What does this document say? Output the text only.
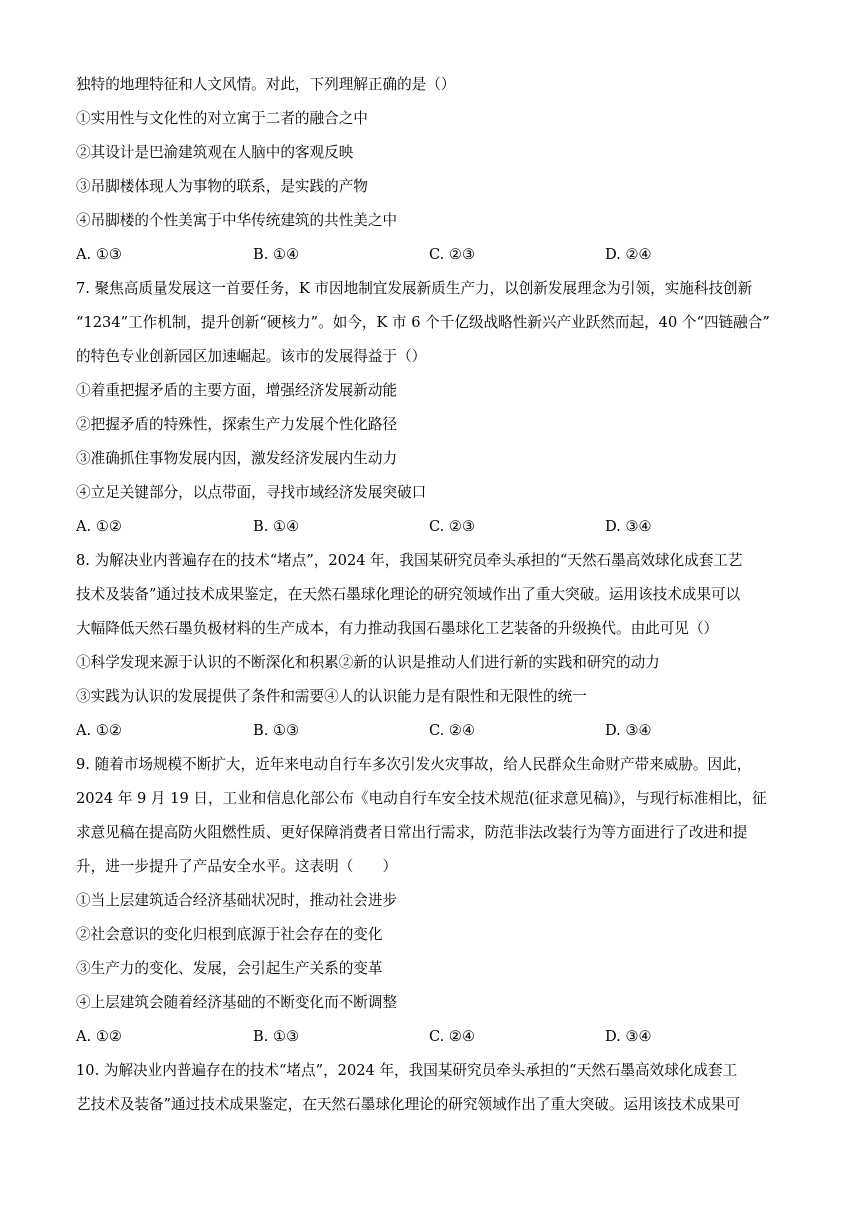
独特的地理特征和人文风情。对此，下列理解正确的是（）
①实用性与文化性的对立寓于二者的融合之中
②其设计是巴渝建筑观在人脑中的客观反映
③吊脚楼体现人为事物的联系，是实践的产物
④吊脚楼的个性美寓于中华传统建筑的共性美之中
A. ①③	B. ①④	C. ②③	D. ②④
7. 聚焦高质量发展这一首要任务，K 市因地制宜发展新质生产力，以创新发展理念为引领，实施科技创新
“1234”工作机制，提升创新“硬核力”。如今，K 市 6 个千亿级战略性新兴产业跃然而起，40 个“四链融合”
的特色专业创新园区加速崛起。该市的发展得益于（）
①着重把握矛盾的主要方面，增强经济发展新动能
②把握矛盾的特殊性，探索生产力发展个性化路径
③准确抓住事物发展内因，激发经济发展内生动力
④立足关键部分，以点带面，寻找市域经济发展突破口
A. ①②	B. ①④	C. ②③	D. ③④
8. 为解决业内普遍存在的技术“堵点”，2024 年，我国某研究员牵头承担的“天然石墨高效球化成套工艺
技术及装备”通过技术成果鉴定，在天然石墨球化理论的研究领域作出了重大突破。运用该技术成果可以
大幅降低天然石墨负极材料的生产成本，有力推动我国石墨球化工艺装备的升级换代。由此可见（）
①科学发现来源于认识的不断深化和积累②新的认识是推动人们进行新的实践和研究的动力
③实践为认识的发展提供了条件和需要④人的认识能力是有限性和无限性的统一
A. ①②	B. ①③	C. ②④	D. ③④
9. 随着市场规模不断扩大，近年来电动自行车多次引发火灾事故，给人民群众生命财产带来威胁。因此，
2024 年 9 月 19 日，工业和信息化部公布《电动自行车安全技术规范(征求意见稿)》，与现行标准相比，征
求意见稿在提高防火阻燃性质、更好保障消费者日常出行需求，防范非法改装行为等方面进行了改进和提
升，进一步提升了产品安全水平。这表明（　　）
①当上层建筑适合经济基础状况时，推动社会进步
②社会意识的变化归根到底源于社会存在的变化
③生产力的变化、发展，会引起生产关系的变革
④上层建筑会随着经济基础的不断变化而不断调整
A. ①②	B. ①③	C. ②④	D. ③④
10. 为解决业内普遍存在的技术“堵点”，2024 年，我国某研究员牵头承担的“天然石墨高效球化成套工
艺技术及装备”通过技术成果鉴定，在天然石墨球化理论的研究领域作出了重大突破。运用该技术成果可
